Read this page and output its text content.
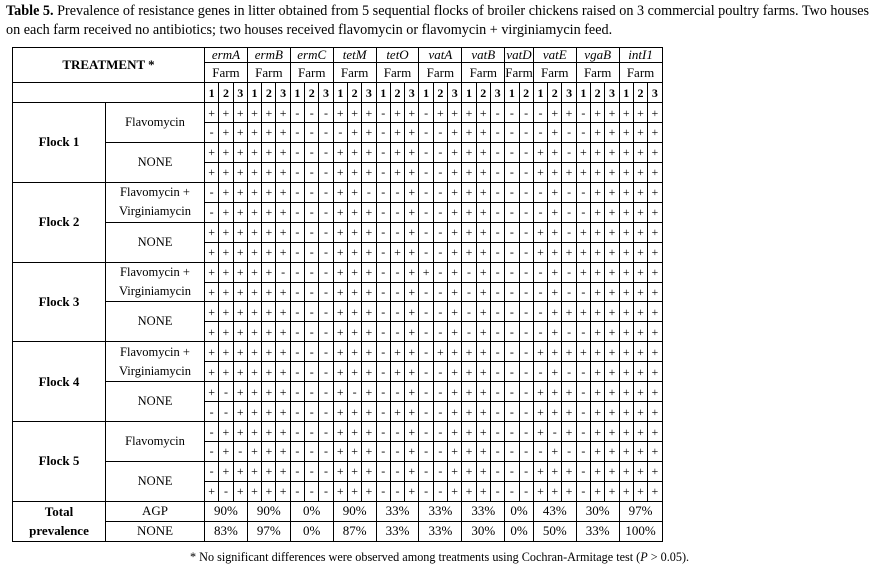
Table 5. Prevalence of resistance genes in litter obtained from 5 sequential flocks of broiler chickens raised on 3 commercial poultry farms. Two houses on each farm received no antibiotics; two houses received flavomycin or flavomycin + virginiamycin feed.
TREATMENT *		ermA			ermB			ermC			tetM			tetO			vatA			vatB			vatD		vatE			vgaB			intI1		
		Farm			Farm			Farm			Farm			Farm			Farm			Farm			Farm		Farm			Farm			Farm		
		1	2	3	1	2	3	1	2	3	1	2	3	1	2	3	1	2	3	1	2	3	1	2	1	2	3	1	2	3	1	2	3
Flock 1	Flavomycin	+	+	+	+	+	+	-	-	-	+	+	+	-	+	+	-	+	+	+	+	-	-	-	-	+	+	-	+	+	+	+	+
		-	+	+	+	+	+	-	-	-	-	+	+	-	+	+	-	-	+	+	+	-	-	-	-	+	-	-	+	+	+	+	+
	NONE	+	+	+	+	+	+	-	-	-	+	+	+	-	+	+	-	-	+	+	+	-	-	-	+	+	-	+	+	+	+	+	+
		+	+	+	+	+	+	-	-	-	+	+	+	-	+	+	-	-	+	+	+	-	-	-	+	+	+	+	+	+	+	+	+
Flock 2	Flavomycin +
Virginiamycin	-	+	+	+	+	+	-	-	-	+	+	-	-	-	+	-	-	+	+	+	-	-	-	-	+	-	-	+	+	+	+	+
		-	+	+	+	+	+	-	-	-	+	+	+	-	-	+	-	-	+	+	+	-	-	-	-	+	-	-	+	+	+	+	+
	NONE	+	+	+	+	+	+	-	-	-	+	+	+	-	-	+	-	-	+	+	+	-	-	-	+	+	-	+	+	+	+	+	+
		+	+	+	+	+	+	-	-	-	+	+	+	-	+	+	-	-	+	+	+	-	-	-	+	+	+	+	+	+	+	+	+
Flock 3	Flavomycin +
Virginiamycin	+	+	+	+	+	-	-	-	-	+	+	+	-	-	+	+	-	+	-	+	-	-	-	-	+	-	+	+	+	+	+	+
		+	+	+	+	+	+	-	-	-	+	+	+	-	-	+	-	-	+	-	+	-	-	-	-	+	-	-	+	+	+	+	+
	NONE	+	+	+	+	+	+	-	-	-	+	+	+	-	-	+	-	-	+	-	+	-	-	-	-	+	+	+	+	+	+	+	+
		+	+	+	+	+	+	-	-	-	+	+	+	-	-	+	-	-	+	-	+	-	-	-	-	+	-	-	+	+	+	+	+
Flock 4	Flavomycin +
Virginiamycin	+	+	+	+	+	+	-	-	-	+	+	+	-	+	+	-	+	+	+	+	-	-	-	+	+	+	+	+	+	+	+	+
		+	+	+	+	+	+	-	-	-	+	+	+	-	+	+	-	-	+	+	+	-	-	-	-	+	-	-	+	+	+	+	+
	NONE	+	-	+	+	+	+	-	-	-	+	-	+	-	-	+	-	-	+	+	+	-	-	-	+	+	+	-	+	+	+	+	+
		-	-	+	+	+	+	-	-	-	+	+	+	-	+	+	-	-	+	+	+	-	-	-	+	+	+	-	+	+	+	+	+
Flock 5	Flavomycin	-	+	+	+	+	+	-	-	-	+	+	+	-	-	+	-	-	+	+	+	-	-	-	+	-	+	-	+	+	+	+	+
		-	+	-	+	+	+	-	-	-	+	+	+	-	-	+	-	-	+	+	+	-	-	-	-	+	-	-	+	+	+	+	+
	NONE	-	+	+	+	+	+	-	-	-	+	+	+	-	-	+	-	-	+	+	+	-	-	-	+	+	+	-	+	+	+	+	+
		+	-	+	+	+	+	-	-	-	+	+	+	-	-	+	-	-	+	+	+	-	-	-	+	+	+	-	+	+	+	+	+

Total
prevalence	AGP	90%			90%			0%			90%			33%			33%			33%			0%		43%			30%			97%		
	NONE	83%			97%			0%			87%			33%			33%			30%			0%		50%			33%			100%		
* No significant differences were observed among treatments using Cochran-Armitage test (P > 0.05).
